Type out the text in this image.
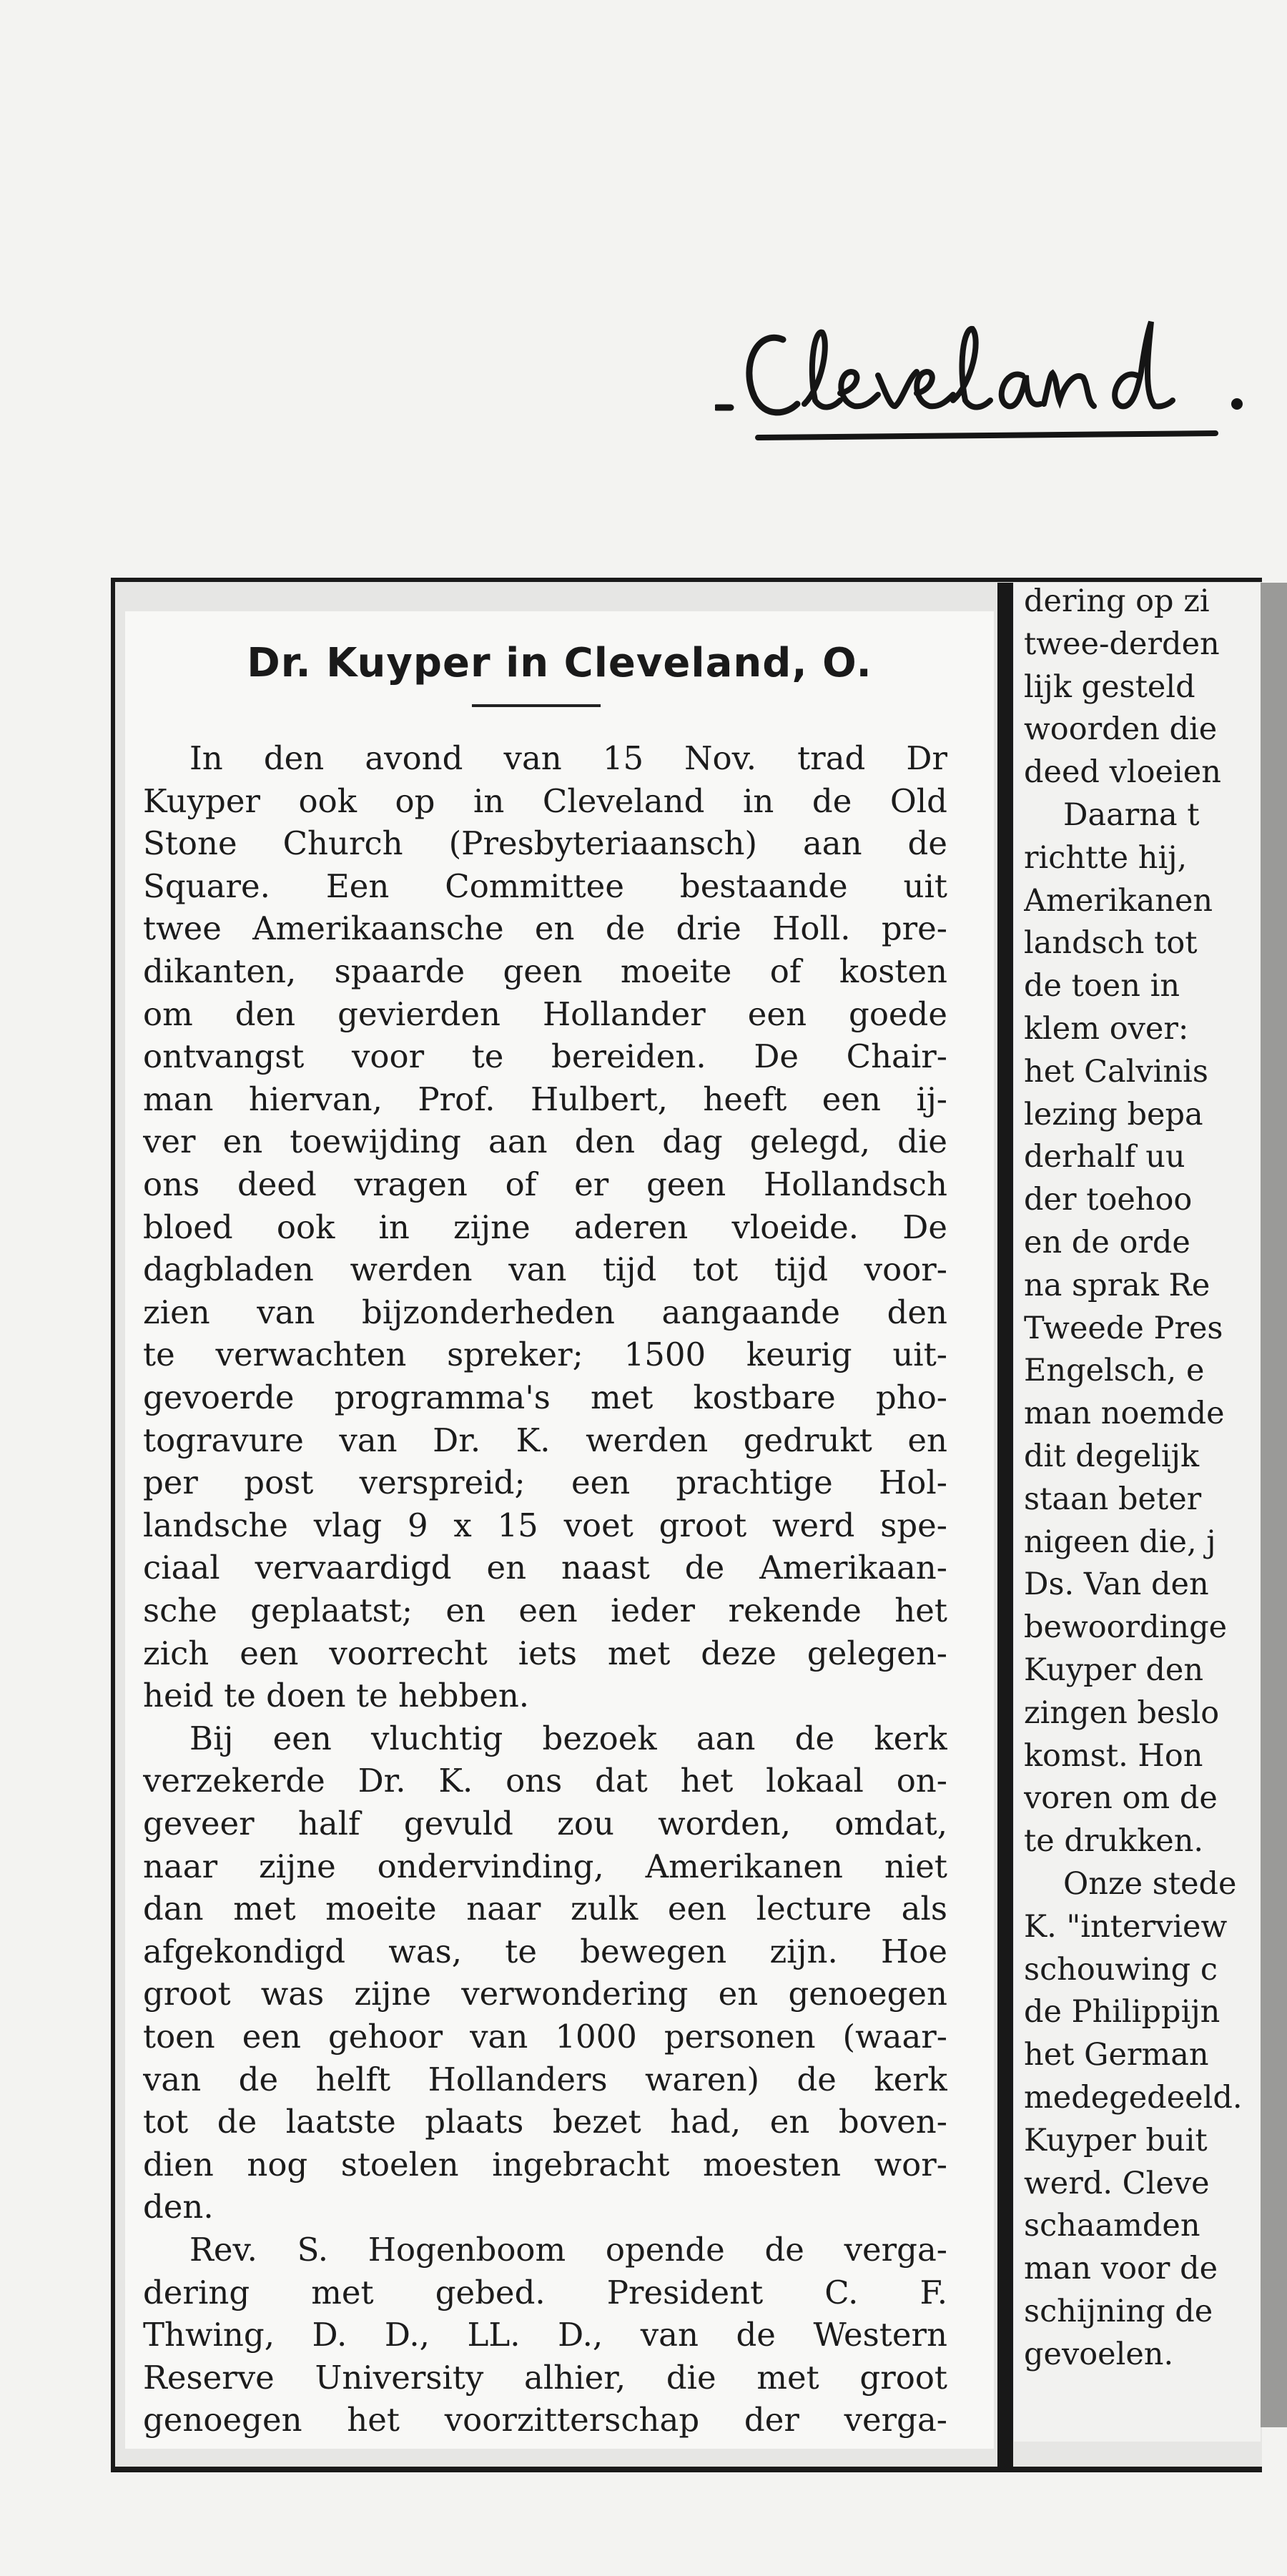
Dr. Kuyper in Cleveland, O.
In den avond van 15 Nov. trad Dr
Kuyper ook op in Cleveland in de Old
Stone Church (Presbyteriaansch) aan de
Square. Een Committee bestaande uit
twee Amerikaansche en de drie Holl. pre-
dikanten, spaarde geen moeite of kosten
om den gevierden Hollander een goede
ontvangst voor te bereiden. De Chair-
man hiervan, Prof. Hulbert, heeft een ij-
ver en toewijding aan den dag gelegd, die
ons deed vragen of er geen Hollandsch
bloed ook in zijne aderen vloeide. De
dagbladen werden van tijd tot tijd voor-
zien van bijzonderheden aangaande den
te verwachten spreker; 1500 keurig uit-
gevoerde programma's met kostbare pho-
togravure van Dr. K. werden gedrukt en
per post verspreid; een prachtige Hol-
landsche vlag 9 x 15 voet groot werd spe-
ciaal vervaardigd en naast de Amerikaan-
sche geplaatst; en een ieder rekende het
zich een voorrecht iets met deze gelegen-
heid te doen te hebben.
Bij een vluchtig bezoek aan de kerk
verzekerde Dr. K. ons dat het lokaal on-
geveer half gevuld zou worden, omdat,
naar zijne ondervinding, Amerikanen niet
dan met moeite naar zulk een lecture als
afgekondigd was, te bewegen zijn. Hoe
groot was zijne verwondering en genoegen
toen een gehoor van 1000 personen (waar-
van de helft Hollanders waren) de kerk
tot de laatste plaats bezet had, en boven-
dien nog stoelen ingebracht moesten wor-
den.
Rev. S. Hogenboom opende de verga-
dering met gebed. President C. F.
Thwing, D. D., LL. D., van de Western
Reserve University alhier, die met groot
genoegen het voorzitterschap der verga-
dering op zi
twee-derden
lijk gesteld
woorden die
deed vloeien
Daarna t
richtte hij,
Amerikanen
landsch tot
de toen in
klem over:
het Calvinis
lezing bepa
derhalf uu
der toehoo
en de orde
na sprak Re
Tweede Pres
Engelsch, e
man noemde
dit degelijk
staan beter
nigeen die, j
Ds. Van den
bewoordinge
Kuyper den
zingen beslo
komst. Hon
voren om de
te drukken.
Onze stede
K. "interview
schouwing c
de Philippijn
het German
medegedeeld.
Kuyper buit
werd. Cleve
schaamden
man voor de
schijning de
gevoelen.
